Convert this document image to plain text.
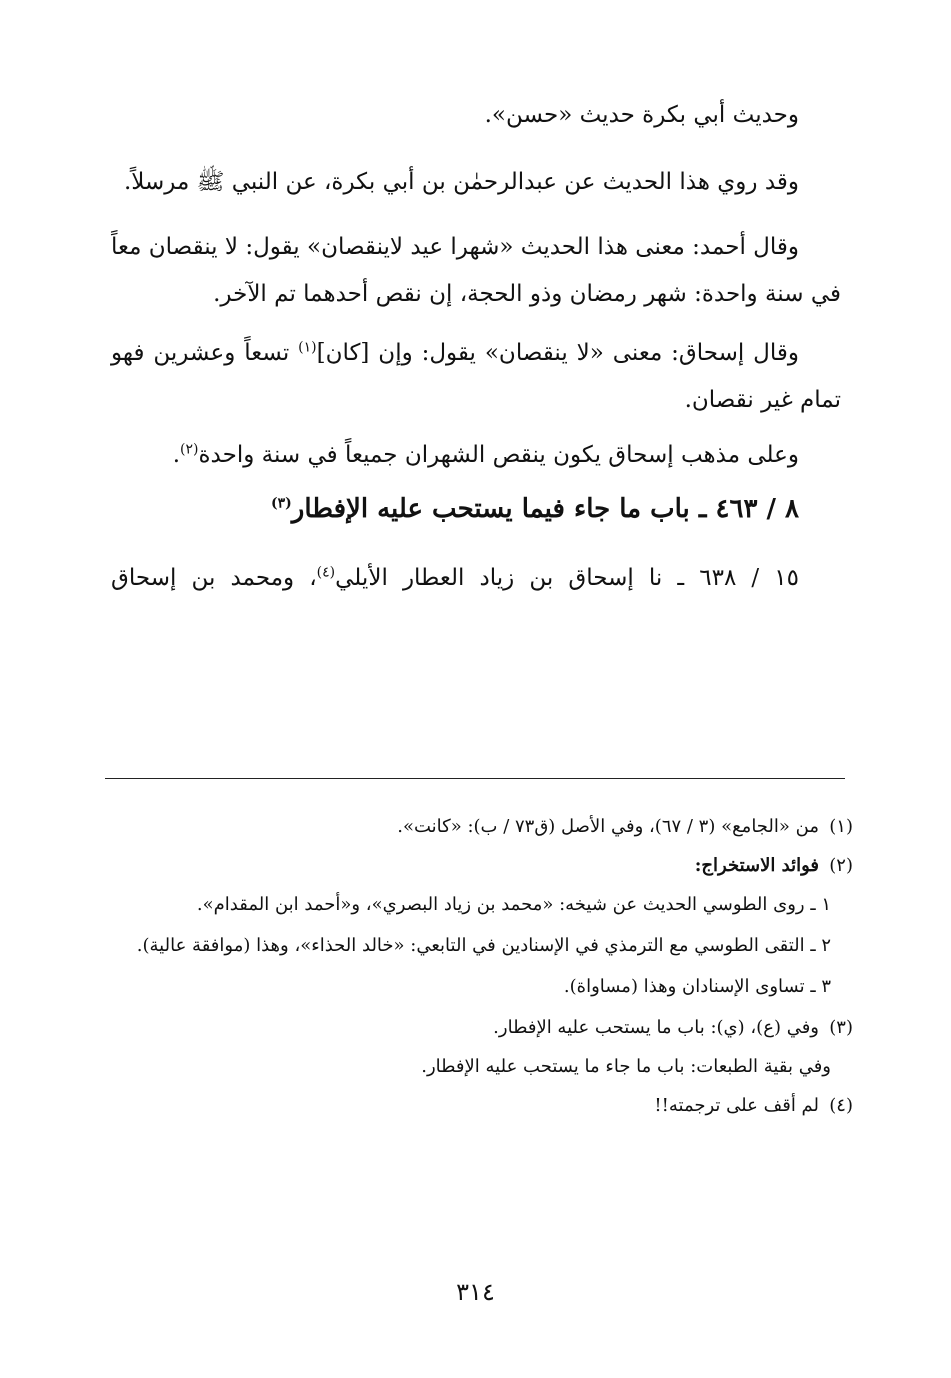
وحديث أبي بكرة حديث «حسن».

وقد روي هذا الحديث عن عبدالرحمٰن بن أبي بكرة، عن النبي ﷺ مرسلاً.

وقال أحمد: معنى هذا الحديث «شهرا عيد لاينقصان» يقول: لا ينقصان معاً في سنة واحدة: شهر رمضان وذو الحجة، إن نقص أحدهما تم الآخر.

وقال إسحاق: معنى «لا ينقصان» يقول: وإن [كان]$^{(١)}$ تسعاً وعشرين فهو تمام غير نقصان.

وعلى مذهب إسحاق يكون ينقص الشهران جميعاً في سنة واحدة$^{(٢)}$.

٨ / ٤٦٣ ـ باب ما جاء فيما يستحب عليه الإفطار$^{(٣)}$

١٥ / ٦٣٨ ـ نا إسحاق بن زياد العطار الأيلي$^{(٤)}$، ومحمد بن إسحاق

(١)من «الجامع» (٣ / ٦٧)، وفي الأصل (ق٧٣ / ب): «كانت».

(٢)فوائد الاستخراج:

١ ـ روى الطوسي الحديث عن شيخه: «محمد بن زياد البصري»، و«أحمد ابن المقدام».

٢ ـ التقى الطوسي مع الترمذي في الإسنادين في التابعي: «خالد الحذاء»، وهذا (موافقة عالية).

٣ ـ تساوى الإسنادان وهذا (مساواة).

(٣)وفي (ع)، (ي): باب ما يستحب عليه الإفطار.

وفي بقية الطبعات: باب ما جاء ما يستحب عليه الإفطار.

(٤)لم أقف على ترجمته!!

٣١٤
